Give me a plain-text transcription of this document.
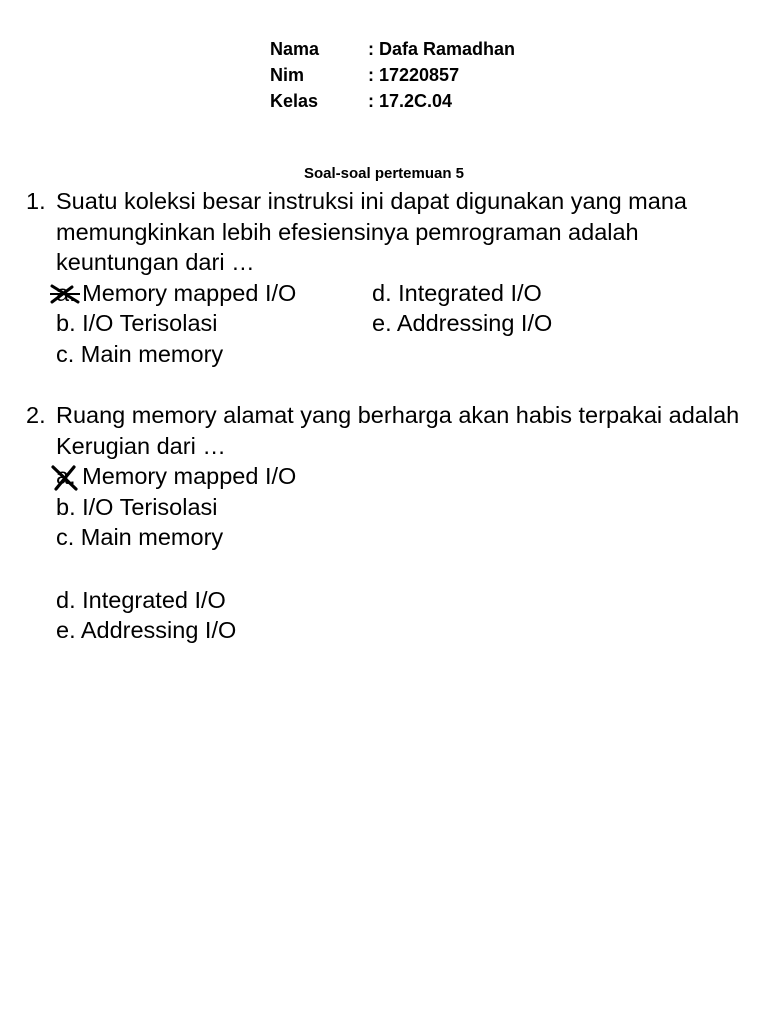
Nama	: Dafa Ramadhan
Nim	: 17220857
Kelas	: 17.2C.04
Soal-soal pertemuan 5
1. Suatu koleksi besar instruksi ini dapat digunakan yang mana memungkinkan lebih efesiensinya pemrograman adalah keuntungan dari …
a. Memory mapped I/O	d. Integrated I/O
b. I/O Terisolasi	e. Addressing I/O
c. Main memory
2. Ruang memory alamat yang berharga akan habis terpakai adalah Kerugian dari …
a. Memory mapped I/O
b. I/O Terisolasi
c. Main memory
d. Integrated I/O
e. Addressing I/O
